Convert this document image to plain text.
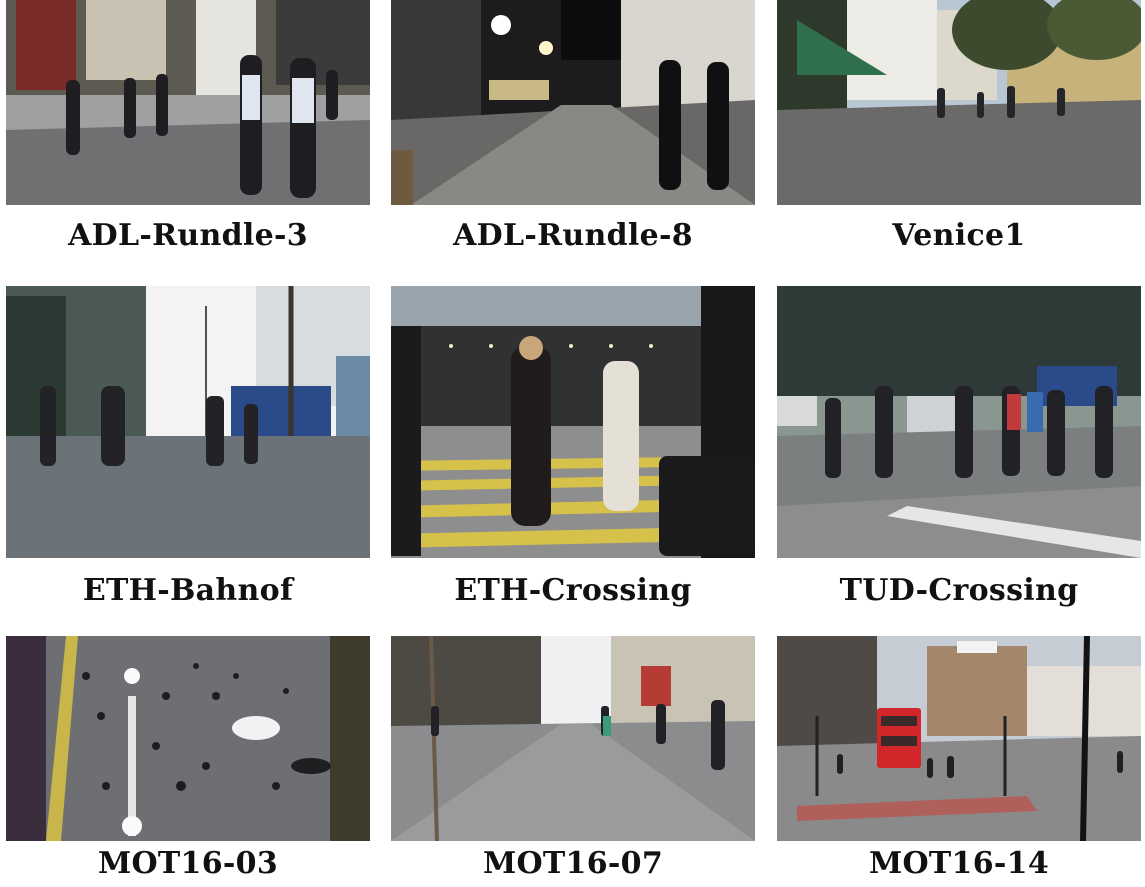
ADL-Rundle-3	ADL-Rundle-8	Venice1
ETH-Bahnof	ETH-Crossing	TUD-Crossing
MOT16-03	MOT16-07	MOT16-14
